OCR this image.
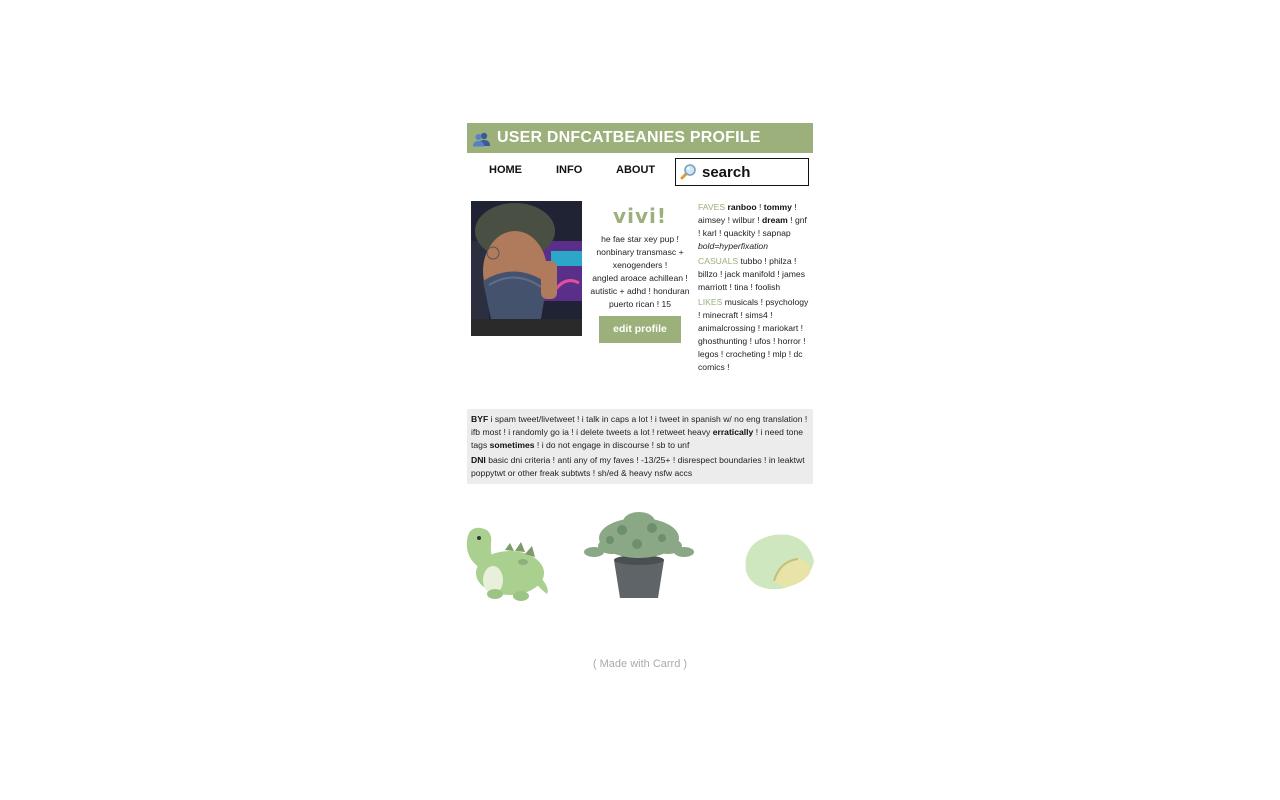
USER DNFCATBEANIES PROFILE
HOME	INFO	ABOUT	search

vivi!

he fae star xey pup !
nonbinary transmasc +
xenogenders !
angled aroace achillean !
autistic + adhd ! honduran
puerto rican ! 15
edit profile

FAVES ranboo ! tommy ! aimsey ! wilbur ! dream ! gnf ! karl ! quackity ! sapnap bold=hyperfixation

CASUALS tubbo ! philza ! billzo ! jack manifold ! james marriott ! tina ! foolish

LIKES musicals ! psychology ! minecraft ! sims4 ! animalcrossing ! mariokart ! ghosthunting ! ufos ! horror ! legos ! crocheting ! mlp ! dc comics !

BYF i spam tweet/livetweet ! i talk in caps a lot ! i tweet in spanish w/ no eng translation ! ifb most ! i randomly go ia ! i delete tweets a lot ! retweet heavy erratically ! i need tone tags sometimes ! i do not engage in discourse ! sb to unf

DNI basic dni criteria ! anti any of my faves ! -13/25+ ! disrespect boundaries ! in leaktwt poppytwt or other freak subtwts ! sh/ed & heavy nsfw accs

( Made with Carrd )
